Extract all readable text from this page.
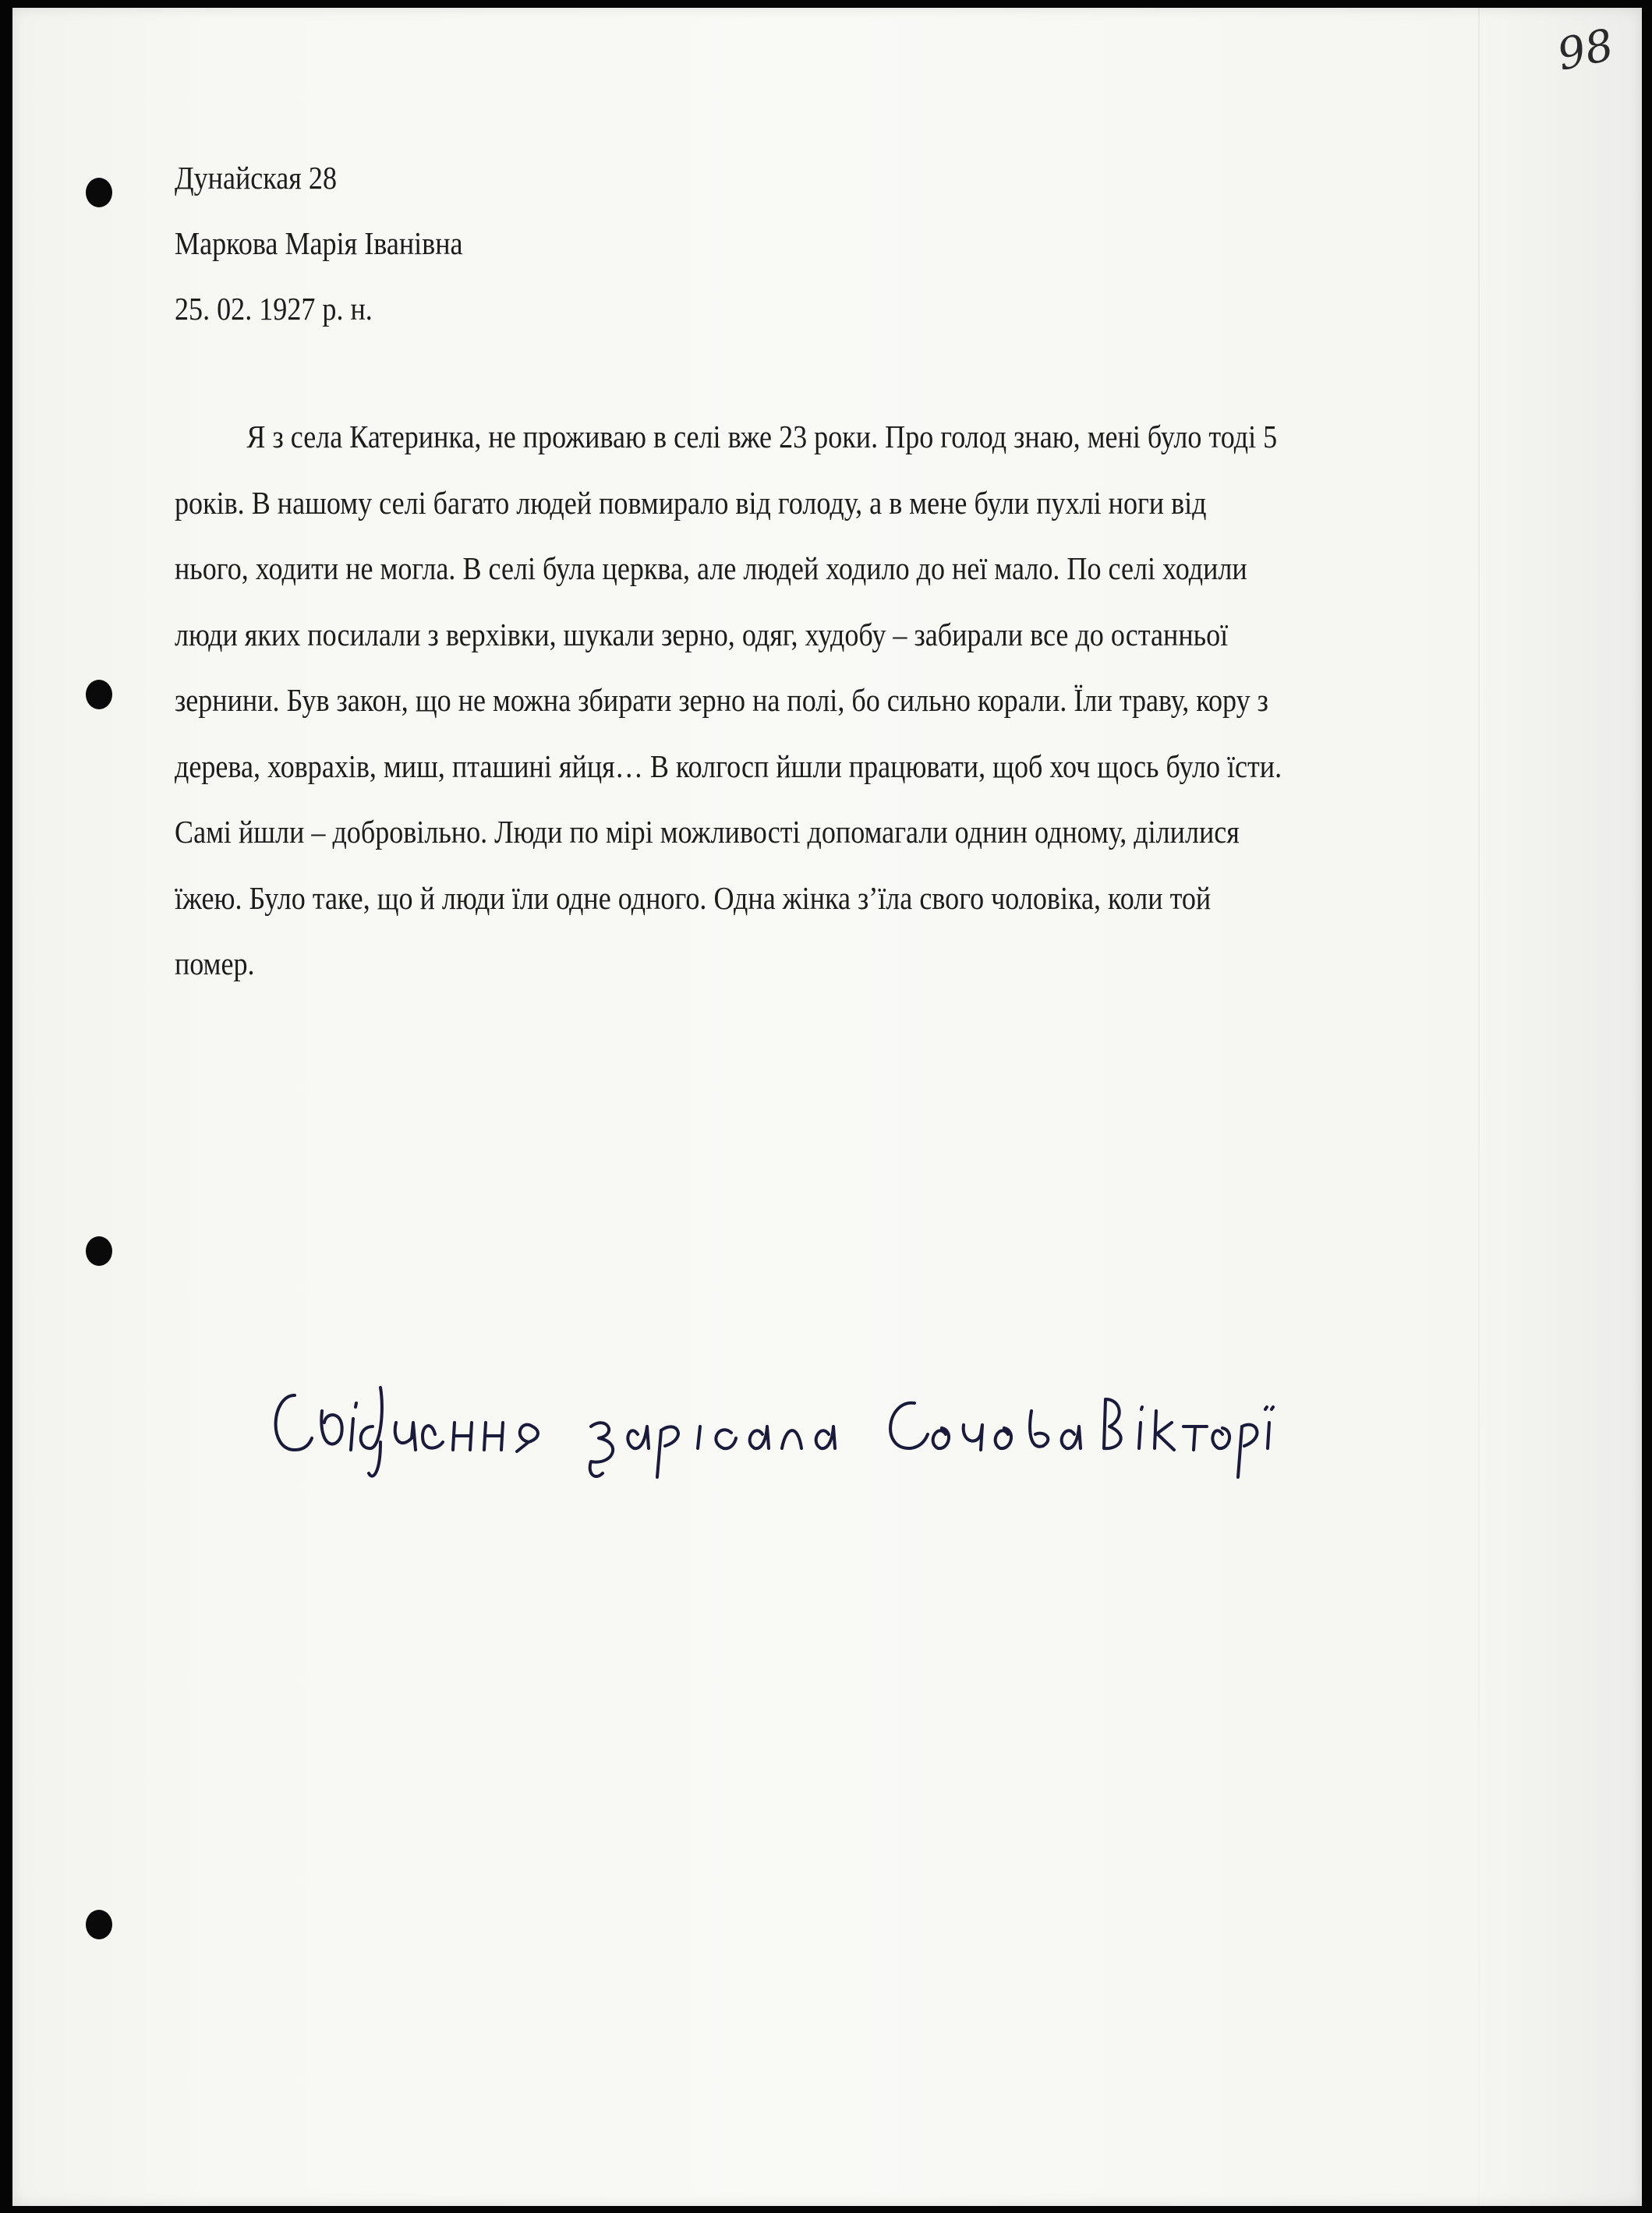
98
Дунайская 28
Маркова Марія Іванівна
25. 02. 1927 р. н.
Я з села Катеринка, не проживаю в селі вже 23 роки. Про голод знаю, мені було тоді 5
років. В нашому селі багато людей повмирало від голоду, а в мене були пухлі ноги від
нього, ходити не могла. В селі була церква, але людей ходило до неї мало. По селі ходили
люди яких посилали з верхівки, шукали зерно, одяг, худобу – забирали все до останньої
зернини. Був закон, що не можна збирати зерно на полі, бо сильно корали. Їли траву, кору з
дерева, ховрахів, миш, пташині яйця… В колгосп йшли працювати, щоб хоч щось було їсти.
Самі йшли – добровільно. Люди по мірі можливості допомагали однин одному, ділилися
їжею. Було таке, що й люди їли одне одного. Одна жінка з’їла свого чоловіка, коли той
помер.
